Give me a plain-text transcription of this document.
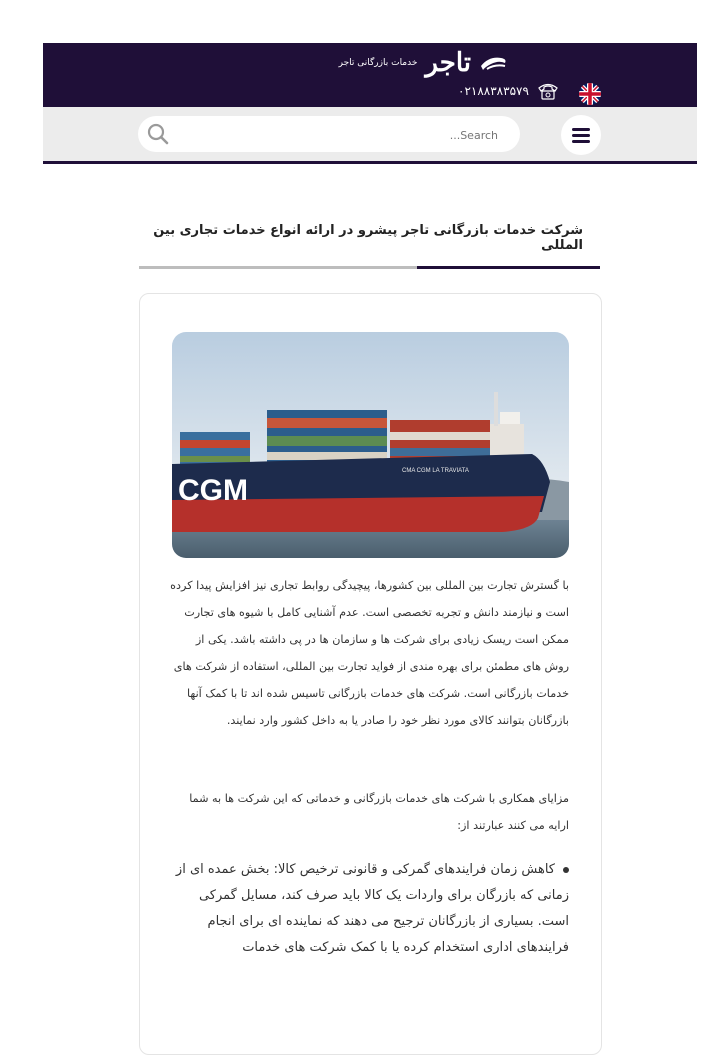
تاجر
خدمات بازرگانی تاجر
۰۲۱۸۸۳۸۳۵۷۹
Search...
شرکت خدمات بازرگانی تاجر پیشرو در ارائه انواع خدمات تجاری بین المللی
CGM
CMA CGM LA TRAVIATA
با گسترش تجارت بین المللی بین کشورها، پیچیدگی روابط تجاری نیز افزایش پیدا کرده است و نیازمند دانش و تجربه تخصصی است. عدم آشنایی کامل با شیوه های تجارت ممکن است ریسک زیادی برای شرکت ها و سازمان ها در پی داشته باشد. یکی از روش های مطمئن برای بهره مندی از فواید تجارت بین المللی، استفاده از شرکت های خدمات بازرگانی است. شرکت های خدمات بازرگانی تاسیس شده اند تا با کمک آنها بازرگانان بتوانند کالای مورد نظر خود را صادر یا به داخل کشور وارد نمایند.
مزایای همکاری با شرکت های خدمات بازرگانی و خدماتی که این شرکت ها به شما ارایه می کنند عبارتند از:
کاهش زمان فرایندهای گمرکی و قانونی ترخیص کالا: بخش عمده ای از زمانی که بازرگان برای واردات یک کالا باید صرف کند، مسایل گمرکی است. بسیاری از بازرگانان ترجیح می دهند که نماینده ای برای انجام فرایندهای اداری استخدام کرده یا با کمک شرکت های خدمات
